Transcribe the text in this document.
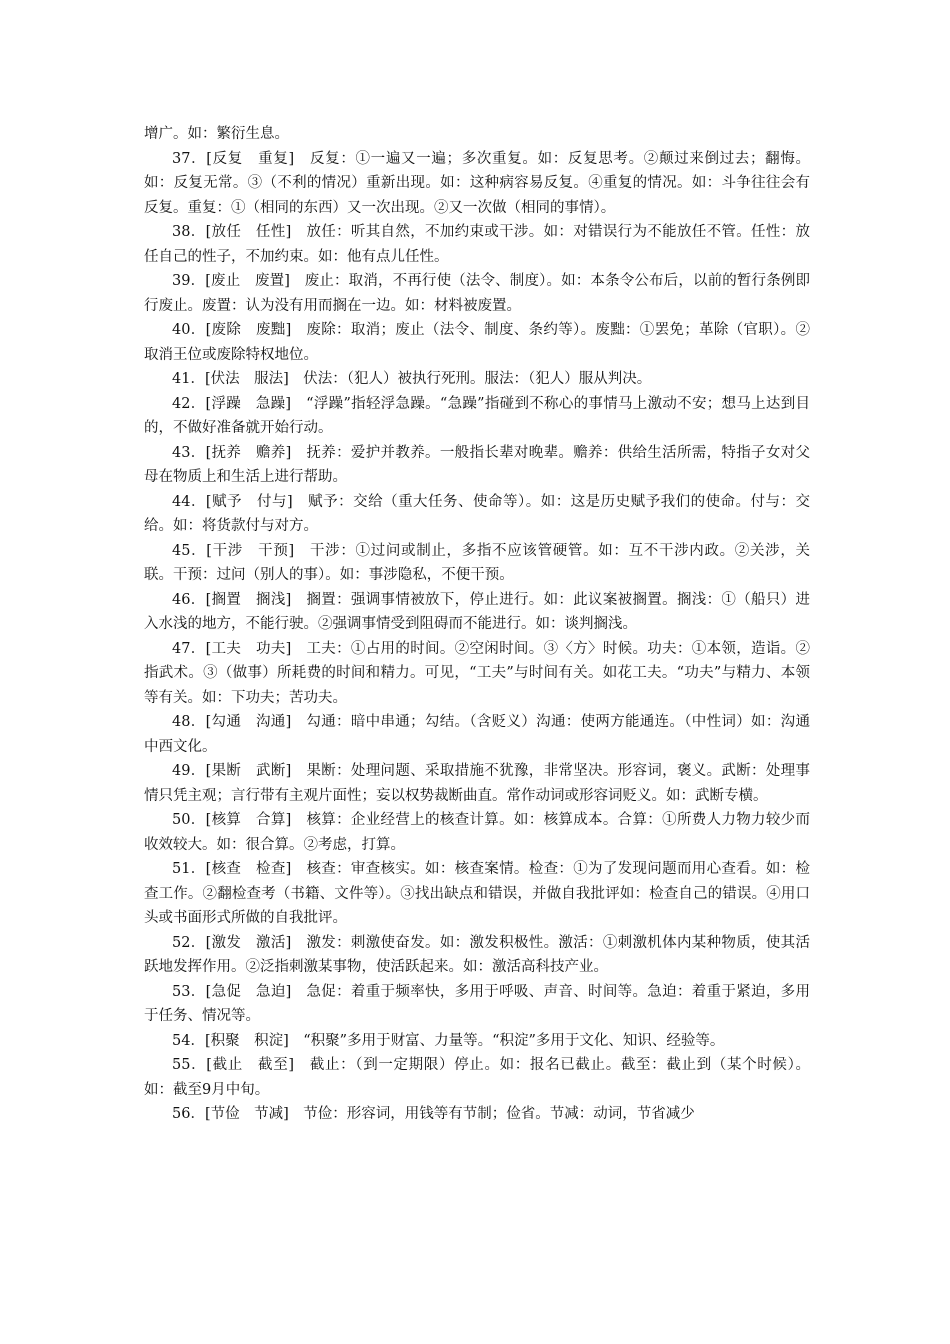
增广。如：繁衍生息。

37．[反复　重复]　反复：①一遍又一遍；多次重复。如：反复思考。②颠过来倒过去；翻悔。如：反复无常。③（不利的情况）重新出现。如：这种病容易反复。④重复的情况。如：斗争往往会有反复。重复：①（相同的东西）又一次出现。②又一次做（相同的事情）。

38．[放任　任性]　放任：听其自然，不加约束或干涉。如：对错误行为不能放任不管。任性：放任自己的性子，不加约束。如：他有点儿任性。

39．[废止　废置]　废止：取消，不再行使（法令、制度）。如：本条令公布后，以前的暂行条例即行废止。废置：认为没有用而搁在一边。如：材料被废置。

40．[废除　废黜]　废除：取消；废止（法令、制度、条约等）。废黜：①罢免；革除（官职）。②取消王位或废除特权地位。

41．[伏法　服法]　伏法：（犯人）被执行死刑。服法：（犯人）服从判决。

42．[浮躁　急躁]　“浮躁”指轻浮急躁。“急躁”指碰到不称心的事情马上激动不安；想马上达到目的，不做好准备就开始行动。

43．[抚养　赡养]　抚养：爱护并教养。一般指长辈对晚辈。赡养：供给生活所需，特指子女对父母在物质上和生活上进行帮助。

44．[赋予　付与]　赋予：交给（重大任务、使命等）。如：这是历史赋予我们的使命。付与：交给。如：将货款付与对方。

45．[干涉　干预]　干涉：①过问或制止，多指不应该管硬管。如：互不干涉内政。②关涉，关联。干预：过问（别人的事）。如：事涉隐私，不便干预。

46．[搁置　搁浅]　搁置：强调事情被放下，停止进行。如：此议案被搁置。搁浅：①（船只）进入水浅的地方，不能行驶。②强调事情受到阻碍而不能进行。如：谈判搁浅。

47．[工夫　功夫]　工夫：①占用的时间。②空闲时间。③〈方〉时候。功夫：①本领，造诣。②指武术。③（做事）所耗费的时间和精力。可见，“工夫”与时间有关。如花工夫。“功夫”与精力、本领等有关。如：下功夫；苦功夫。

48．[勾通　沟通]　勾通：暗中串通；勾结。（含贬义）沟通：使两方能通连。（中性词）如：沟通中西文化。

49．[果断　武断]　果断：处理问题、采取措施不犹豫，非常坚决。形容词，褒义。武断：处理事情只凭主观；言行带有主观片面性；妄以权势裁断曲直。常作动词或形容词贬义。如：武断专横。

50．[核算　合算]　核算：企业经营上的核查计算。如：核算成本。合算：①所费人力物力较少而收效较大。如：很合算。②考虑，打算。

51．[核查　检查]　核查：审查核实。如：核查案情。检查：①为了发现问题而用心查看。如：检查工作。②翻检查考（书籍、文件等）。③找出缺点和错误，并做自我批评如：检查自己的错误。④用口头或书面形式所做的自我批评。

52．[激发　激活]　激发：刺激使奋发。如：激发积极性。激活：①刺激机体内某种物质，使其活跃地发挥作用。②泛指刺激某事物，使活跃起来。如：激活高科技产业。

53．[急促　急迫]　急促：着重于频率快，多用于呼吸、声音、时间等。急迫：着重于紧迫，多用于任务、情况等。

54．[积聚　积淀]　“积聚”多用于财富、力量等。“积淀”多用于文化、知识、经验等。

55．[截止　截至]　截止：（到一定期限）停止。如：报名已截止。截至：截止到（某个时候）。如：截至9月中旬。

56．[节俭　节减]　节俭：形容词，用钱等有节制；俭省。节减：动词，节省减少
